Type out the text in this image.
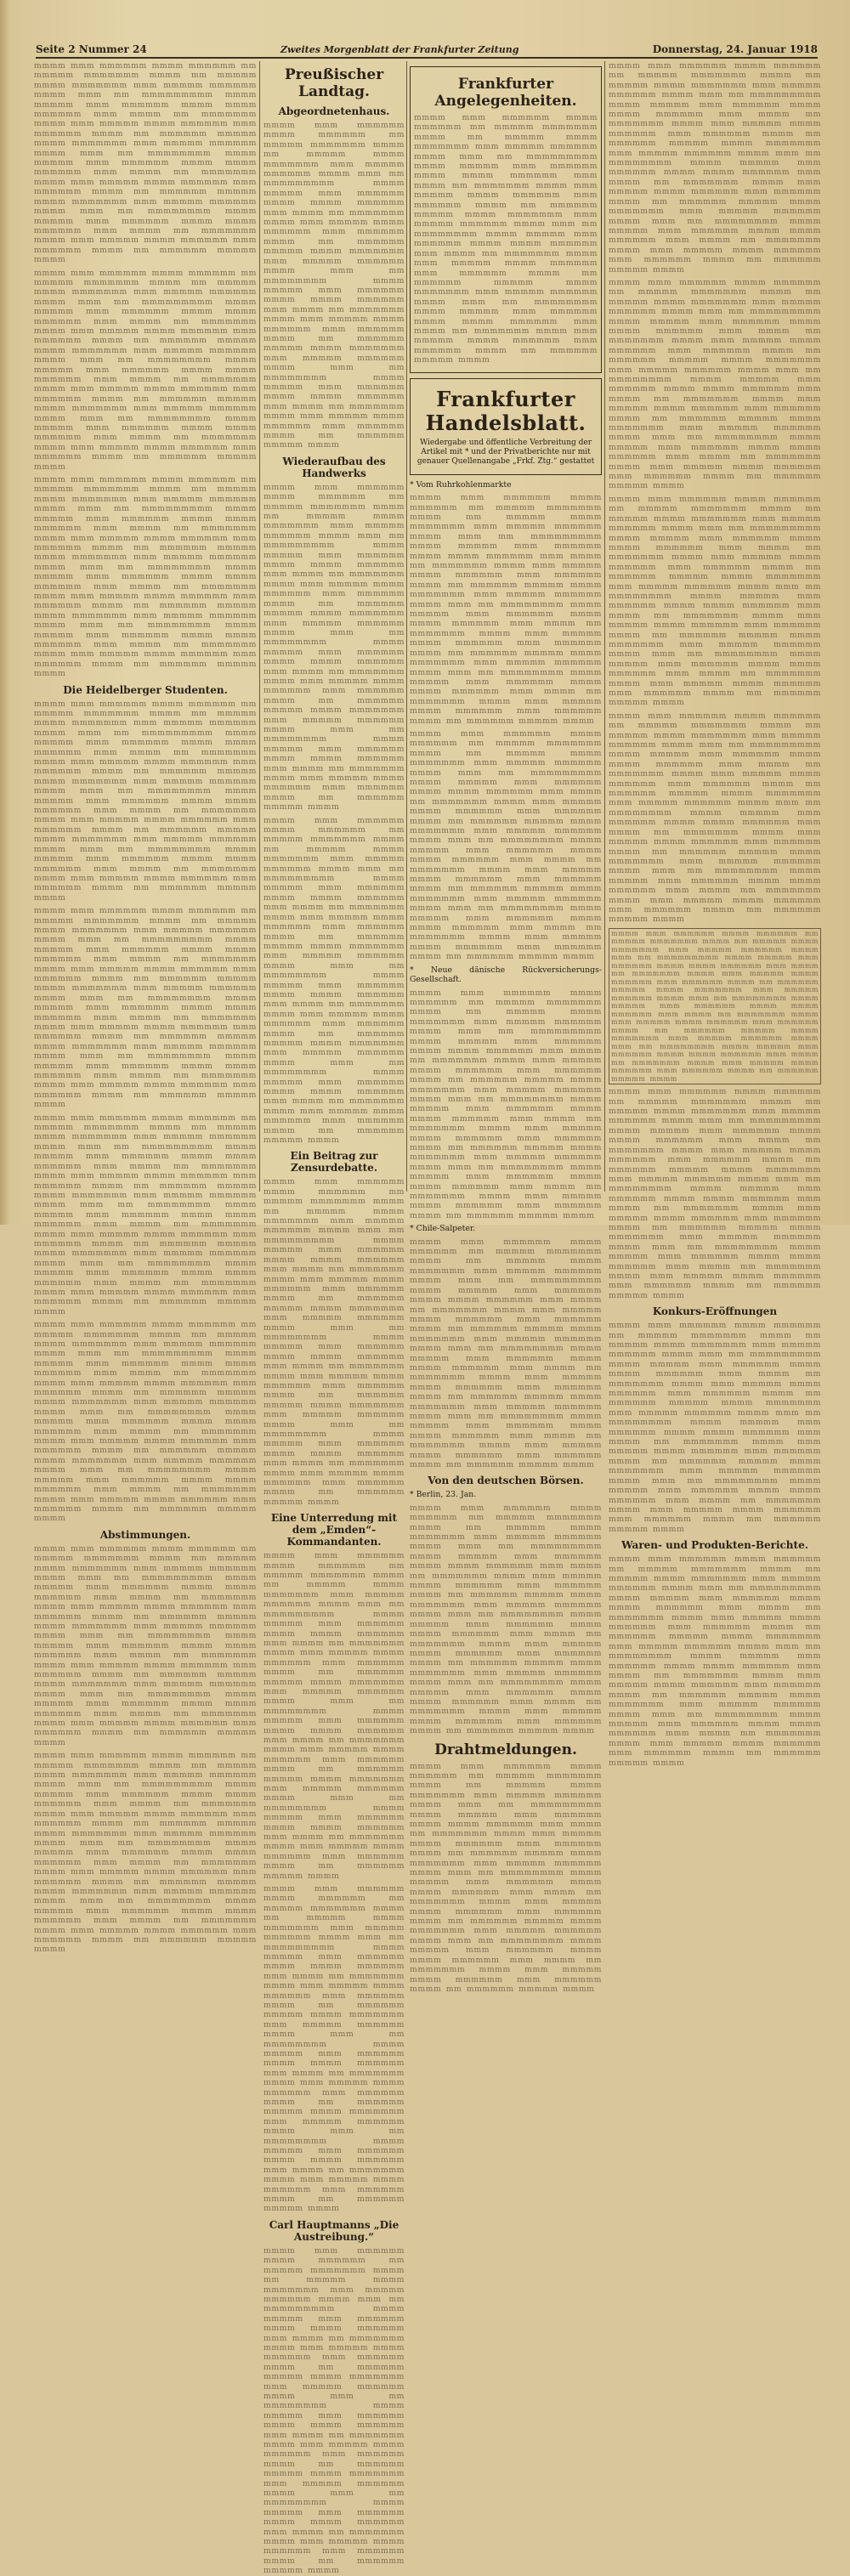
Seite 2 Nummer 24	Zweites Morgenblatt der Frankfurter Zeitung	Donnerstag, 24. Januar 1918
mmmm mmm mmmmmm mmmm mmmmmm mm mmmmm mmmmmmm mmmm mm mmmmm mmmm mmmmmmm mmm mmmmm mmmmmm mmmm mmm mm mmmmmmmmm mmmm mmmmm mmm mmmmmm mmmm mmmm mmmmmm mmm mmmm mm mmmmmmm mmmm mmm mmmmm mmmm mmmmmm mmm mmmmmm mmmm mm mmmmmm mmmmm mmmm mmmmmmm mmm mmmmm mmmmmm mmmm mmm mm mmmmmmmm mmmm mmmmm mmm mmmmmm mmmm mmmm mmmmmm mmm mmmm mm mmmmmmm mmmm mmm mmmmm mmmm mmmmmm mmm mmmmmm mmmm mm mmmmmm mmmmm mmmm mmmmmmm mmm mmmmm mmmmmm mmmm mmm mm mmmmmmmm mmmm mmmmm mmm mmmmmm mmmm mmmm mmmmmm mmm mmmm mm mmmmmmm mmmm mmm mmmmm mmmm mmmmmm mmm mmmmmm mmmm mm mmmmmm mmmmm mmmm
mmmm mmm mmmmmm mmmm mmmmmm mm mmmmm mmmmmmm mmmm mm mmmmm mmmm mmmmmmm mmm mmmmm mmmmmm mmmm mmm mm mmmmmmmmm mmmm mmmmm mmm mmmmmm mmmm mmmm mmmmmm mmm mmmm mm mmmmmmm mmmm mmm mmmmm mmmm mmmmmm mmm mmmmmm mmmm mm mmmmmm mmmmm mmmm mmmmmmm mmm mmmmm mmmmmm mmmm mmm mm mmmmmmmm mmmm mmmmm mmm mmmmmm mmmm mmmm mmmmmm mmm mmmm mm mmmmmmm mmmm mmm mmmmm mmmm mmmmmm mmm mmmmmm mmmm mm mmmmmm mmmmm mmmm mmmmmmm mmm mmmmm mmmmmm mmmm mmm mm mmmmmmmm mmmm mmmmm mmm mmmmmm mmmm mmmm mmmmmm mmm mmmm mm mmmmmmm mmmm mmm mmmmm mmmm mmmmmm mmm mmmmmm mmmm mm mmmmmm mmmmm mmmm
mmmm mmm mmmmmm mmmm mmmmmm mm mmmmm mmmmmmm mmmm mm mmmmm mmmm mmmmmmm mmm mmmmm mmmmmm mmmm mmm mm mmmmmmmmm mmmm mmmmm mmm mmmmmm mmmm mmmm mmmmmm mmm mmmm mm mmmmmmm mmmm mmm mmmmm mmmm mmmmmm mmm mmmmmm mmmm mm mmmmmm mmmmm mmmm mmmmmmm mmm mmmmm mmmmmm mmmm mmm mm mmmmmmmm mmmm mmmmm mmm mmmmmm mmmm mmmm mmmmmm mmm mmmm mm mmmmmmm mmmm mmm mmmmm mmmm mmmmmm mmm mmmmmm mmmm mm mmmmmm mmmmm mmmm mmmmmmm mmm mmmmm mmmmmm mmmm mmm mm mmmmmmmm mmmm mmmmm mmm mmmmmm mmmm mmmm mmmmmm mmm mmmm mm mmmmmmm mmmm mmm mmmmm mmmm mmmmmm mmm mmmmmm mmmm mm mmmmmm mmmmm mmmm
Die Heidelberger Studenten.
mmmm mmm mmmmmm mmmm mmmmmm mm mmmmm mmmmmmm mmmm mm mmmmm mmmm mmmmmmm mmm mmmmm mmmmmm mmmm mmm mm mmmmmmmmm mmmm mmmmm mmm mmmmmm mmmm mmmm mmmmmm mmm mmmm mm mmmmmmm mmmm mmm mmmmm mmmm mmmmmm mmm mmmmmm mmmm mm mmmmmm mmmmm mmmm mmmmmmm mmm mmmmm mmmmmm mmmm mmm mm mmmmmmmm mmmm mmmmm mmm mmmmmm mmmm mmmm mmmmmm mmm mmmm mm mmmmmmm mmmm mmm mmmmm mmmm mmmmmm mmm mmmmmm mmmm mm mmmmmm mmmmm mmmm mmmmmmm mmm mmmmm mmmmmm mmmm mmm mm mmmmmmmm mmmm mmmmm mmm mmmmmm mmmm mmmm mmmmmm mmm mmmm mm mmmmmmm mmmm mmm mmmmm mmmm mmmmmm mmm mmmmmm mmmm mm mmmmmm mmmmm mmmm
mmmm mmm mmmmmm mmmm mmmmmm mm mmmmm mmmmmmm mmmm mm mmmmm mmmm mmmmmmm mmm mmmmm mmmmmm mmmm mmm mm mmmmmmmmm mmmm mmmmm mmm mmmmmm mmmm mmmm mmmmmm mmm mmmm mm mmmmmmm mmmm mmm mmmmm mmmm mmmmmm mmm mmmmmm mmmm mm mmmmmm mmmmm mmmm mmmmmmm mmm mmmmm mmmmmm mmmm mmm mm mmmmmmmm mmmm mmmmm mmm mmmmmm mmmm mmmm mmmmmm mmm mmmm mm mmmmmmm mmmm mmm mmmmm mmmm mmmmmm mmm mmmmmm mmmm mm mmmmmm mmmmm mmmm mmmmmmm mmm mmmmm mmmmmm mmmm mmm mm mmmmmmmm mmmm mmmmm mmm mmmmmm mmmm mmmm mmmmmm mmm mmmm mm mmmmmmm mmmm mmm mmmmm mmmm mmmmmm mmm mmmmmm mmmm mm mmmmmm mmmmm mmmm
mmmm mmm mmmmmm mmmm mmmmmm mm mmmmm mmmmmmm mmmm mm mmmmm mmmm mmmmmmm mmm mmmmm mmmmmm mmmm mmm mm mmmmmmmmm mmmm mmmmm mmm mmmmmm mmmm mmmm mmmmmm mmm mmmm mm mmmmmmm mmmm mmm mmmmm mmmm mmmmmm mmm mmmmmm mmmm mm mmmmmm mmmmm mmmm mmmmmmm mmm mmmmm mmmmmm mmmm mmm mm mmmmmmmm mmmm mmmmm mmm mmmmmm mmmm mmmm mmmmmm mmm mmmm mm mmmmmmm mmmm mmm mmmmm mmmm mmmmmm mmm mmmmmm mmmm mm mmmmmm mmmmm mmmm mmmmmmm mmm mmmmm mmmmmm mmmm mmm mm mmmmmmmm mmmm mmmmm mmm mmmmmm mmmm mmmm mmmmmm mmm mmmm mm mmmmmmm mmmm mmm mmmmm mmmm mmmmmm mmm mmmmmm mmmm mm mmmmmm mmmmm mmmm
mmmm mmm mmmmmm mmmm mmmmmm mm mmmmm mmmmmmm mmmm mm mmmmm mmmm mmmmmmm mmm mmmmm mmmmmm mmmm mmm mm mmmmmmmmm mmmm mmmmm mmm mmmmmm mmmm mmmm mmmmmm mmm mmmm mm mmmmmmm mmmm mmm mmmmm mmmm mmmmmm mmm mmmmmm mmmm mm mmmmmm mmmmm mmmm mmmmmmm mmm mmmmm mmmmmm mmmm mmm mm mmmmmmmm mmmm mmmmm mmm mmmmmm mmmm mmmm mmmmmm mmm mmmm mm mmmmmmm mmmm mmm mmmmm mmmm mmmmmm mmm mmmmmm mmmm mm mmmmmm mmmmm mmmm mmmmmmm mmm mmmmm mmmmmm mmmm mmm mm mmmmmmmm mmmm mmmmm mmm mmmmmm mmmm mmmm mmmmmm mmm mmmm mm mmmmmmm mmmm mmm mmmmm mmmm mmmmmm mmm mmmmmm mmmm mm mmmmmm mmmmm mmmm
Abstimmungen.
mmmm mmm mmmmmm mmmm mmmmmm mm mmmmm mmmmmmm mmmm mm mmmmm mmmm mmmmmmm mmm mmmmm mmmmmm mmmm mmm mm mmmmmmmmm mmmm mmmmm mmm mmmmmm mmmm mmmm mmmmmm mmm mmmm mm mmmmmmm mmmm mmm mmmmm mmmm mmmmmm mmm mmmmmm mmmm mm mmmmmm mmmmm mmmm mmmmmmm mmm mmmmm mmmmmm mmmm mmm mm mmmmmmmm mmmm mmmmm mmm mmmmmm mmmm mmmm mmmmmm mmm mmmm mm mmmmmmm mmmm mmm mmmmm mmmm mmmmmm mmm mmmmmm mmmm mm mmmmmm mmmmm mmmm mmmmmmm mmm mmmmm mmmmmm mmmm mmm mm mmmmmmmm mmmm mmmmm mmm mmmmmm mmmm mmmm mmmmmm mmm mmmm mm mmmmmmm mmmm mmm mmmmm mmmm mmmmmm mmm mmmmmm mmmm mm mmmmmm mmmmm mmmm
mmmm mmm mmmmmm mmmm mmmmmm mm mmmmm mmmmmmm mmmm mm mmmmm mmmm mmmmmmm mmm mmmmm mmmmmm mmmm mmm mm mmmmmmmmm mmmm mmmmm mmm mmmmmm mmmm mmmm mmmmmm mmm mmmm mm mmmmmmm mmmm mmm mmmmm mmmm mmmmmm mmm mmmmmm mmmm mm mmmmmm mmmmm mmmm mmmmmmm mmm mmmmm mmmmmm mmmm mmm mm mmmmmmmm mmmm mmmmm mmm mmmmmm mmmm mmmm mmmmmm mmm mmmm mm mmmmmmm mmmm mmm mmmmm mmmm mmmmmm mmm mmmmmm mmmm mm mmmmmm mmmmm mmmm mmmmmmm mmm mmmmm mmmmmm mmmm mmm mm mmmmmmmm mmmm mmmmm mmm mmmmmm mmmm mmmm mmmmmm mmm mmmm mm mmmmmmm mmmm mmm mmmmm mmmm mmmmmm mmm mmmmmm mmmm mm mmmmmm mmmmm mmmm
Preußischer Landtag.
Abgeordnetenhaus.
mmmm mmm mmmmmm mmmm mmmmmm mm mmmmm mmmmmmm mmmm mm mmmmm mmmm mmmmmmm mmm mmmmm mmmmmm mmmm mmm mm mmmmmmmmm mmmm mmmmm mmm mmmmmm mmmm mmmm mmmmmm mmm mmmm mm mmmmmmm mmmm mmm mmmmm mmmm mmmmmm mmm mmmmmm mmmm mm mmmmmm mmmmm mmmm mmmmmmm mmm mmmmm mmmmmm mmmm mmm mm mmmmmmmm mmmm mmmmm mmm mmmmmm mmmm mmmm mmmmmm mmm mmmm mm mmmmmmm mmmm mmm mmmmm mmmm mmmmmm mmm mmmmmm mmmm mm mmmmmm mmmmm mmmm mmmmmmm mmm mmmmm mmmmmm mmmm mmm mm mmmmmmmm mmmm mmmmm mmm mmmmmm mmmm mmmm mmmmmm mmm mmmm mm mmmmmmm mmmm mmm mmmmm mmmm mmmmmm mmm mmmmmm mmmm mm mmmmmm mmmmm mmmm
Wiederaufbau des Handwerks
mmmm mmm mmmmmm mmmm mmmmmm mm mmmmm mmmmmmm mmmm mm mmmmm mmmm mmmmmmm mmm mmmmm mmmmmm mmmm mmm mm mmmmmmmmm mmmm mmmmm mmm mmmmmm mmmm mmmm mmmmmm mmm mmmm mm mmmmmmm mmmm mmm mmmmm mmmm mmmmmm mmm mmmmmm mmmm mm mmmmmm mmmmm mmmm mmmmmmm mmm mmmmm mmmmmm mmmm mmm mm mmmmmmmm mmmm mmmmm mmm mmmmmm mmmm mmmm mmmmmm mmm mmmm mm mmmmmmm mmmm mmm mmmmm mmmm mmmmmm mmm mmmmmm mmmm mm mmmmmm mmmmm mmmm mmmmmmm mmm mmmmm mmmmmm mmmm mmm mm mmmmmmmm mmmm mmmmm mmm mmmmmm mmmm mmmm mmmmmm mmm mmmm mm mmmmmmm mmmm mmm mmmmm mmmm mmmmmm mmm mmmmmm mmmm mm mmmmmm mmmmm mmmm
mmmm mmm mmmmmm mmmm mmmmmm mm mmmmm mmmmmmm mmmm mm mmmmm mmmm mmmmmmm mmm mmmmm mmmmmm mmmm mmm mm mmmmmmmmm mmmm mmmmm mmm mmmmmm mmmm mmmm mmmmmm mmm mmmm mm mmmmmmm mmmm mmm mmmmm mmmm mmmmmm mmm mmmmmm mmmm mm mmmmmm mmmmm mmmm mmmmmmm mmm mmmmm mmmmmm mmmm mmm mm mmmmmmmm mmmm mmmmm mmm mmmmmm mmmm mmmm mmmmmm mmm mmmm mm mmmmmmm mmmm mmm mmmmm mmmm mmmmmm mmm mmmmmm mmmm mm mmmmmm mmmmm mmmm mmmmmmm mmm mmmmm mmmmmm mmmm mmm mm mmmmmmmm mmmm mmmmm mmm mmmmmm mmmm mmmm mmmmmm mmm mmmm mm mmmmmmm mmmm mmm mmmmm mmmm mmmmmm mmm mmmmmm mmmm mm mmmmmm mmmmm mmmm
Ein Beitrag zur Zensurdebatte.
mmmm mmm mmmmmm mmmm mmmmmm mm mmmmm mmmmmmm mmmm mm mmmmm mmmm mmmmmmm mmm mmmmm mmmmmm mmmm mmm mm mmmmmmmmm mmmm mmmmm mmm mmmmmm mmmm mmmm mmmmmm mmm mmmm mm mmmmmmm mmmm mmm mmmmm mmmm mmmmmm mmm mmmmmm mmmm mm mmmmmm mmmmm mmmm mmmmmmm mmm mmmmm mmmmmm mmmm mmm mm mmmmmmmm mmmm mmmmm mmm mmmmmm mmmm mmmm mmmmmm mmm mmmm mm mmmmmmm mmmm mmm mmmmm mmmm mmmmmm mmm mmmmmm mmmm mm mmmmmm mmmmm mmmm mmmmmmm mmm mmmmm mmmmmm mmmm mmm mm mmmmmmmm mmmm mmmmm mmm mmmmmm mmmm mmmm mmmmmm mmm mmmm mm mmmmmmm mmmm mmm mmmmm mmmm mmmmmm mmm mmmmmm mmmm mm mmmmmm mmmmm mmmm
Eine Unterredung mit dem „Emden“-Kommandanten.
mmmm mmm mmmmmm mmmm mmmmmm mm mmmmm mmmmmmm mmmm mm mmmmm mmmm mmmmmmm mmm mmmmm mmmmmm mmmm mmm mm mmmmmmmmm mmmm mmmmm mmm mmmmmm mmmm mmmm mmmmmm mmm mmmm mm mmmmmmm mmmm mmm mmmmm mmmm mmmmmm mmm mmmmmm mmmm mm mmmmmm mmmmm mmmm mmmmmmm mmm mmmmm mmmmmm mmmm mmm mm mmmmmmmm mmmm mmmmm mmm mmmmmm mmmm mmmm mmmmmm mmm mmmm mm mmmmmmm mmmm mmm mmmmm mmmm mmmmmm mmm mmmmmm mmmm mm mmmmmm mmmmm mmmm mmmmmmm mmm mmmmm mmmmmm mmmm mmm mm mmmmmmmm mmmm mmmmm mmm mmmmmm mmmm mmmm mmmmmm mmm mmmm mm mmmmmmm mmmm mmm mmmmm mmmm mmmmmm mmm mmmmmm mmmm mm mmmmmm mmmmm mmmm
mmmm mmm mmmmmm mmmm mmmmmm mm mmmmm mmmmmmm mmmm mm mmmmm mmmm mmmmmmm mmm mmmmm mmmmmm mmmm mmm mm mmmmmmmmm mmmm mmmmm mmm mmmmmm mmmm mmmm mmmmmm mmm mmmm mm mmmmmmm mmmm mmm mmmmm mmmm mmmmmm mmm mmmmmm mmmm mm mmmmmm mmmmm mmmm mmmmmmm mmm mmmmm mmmmmm mmmm mmm mm mmmmmmmm mmmm mmmmm mmm mmmmmm mmmm mmmm mmmmmm mmm mmmm mm mmmmmmm mmmm mmm mmmmm mmmm mmmmmm mmm mmmmmm mmmm mm mmmmmm mmmmm mmmm mmmmmmm mmm mmmmm mmmmmm mmmm mmm mm mmmmmmmm mmmm mmmmm mmm mmmmmm mmmm mmmm mmmmmm mmm mmmm mm mmmmmmm mmmm mmm mmmmm mmmm mmmmmm mmm mmmmmm mmmm mm mmmmmm mmmmm mmmm
Carl Hauptmanns „Die Austreibung.“
mmmm mmm mmmmmm mmmm mmmmmm mm mmmmm mmmmmmm mmmm mm mmmmm mmmm mmmmmmm mmm mmmmm mmmmmm mmmm mmm mm mmmmmmmmm mmmm mmmmm mmm mmmmmm mmmm mmmm mmmmmm mmm mmmm mm mmmmmmm mmmm mmm mmmmm mmmm mmmmmm mmm mmmmmm mmmm mm mmmmmm mmmmm mmmm mmmmmmm mmm mmmmm mmmmmm mmmm mmm mm mmmmmmmm mmmm mmmmm mmm mmmmmm mmmm mmmm mmmmmm mmm mmmm mm mmmmmmm mmmm mmm mmmmm mmmm mmmmmm mmm mmmmmm mmmm mm mmmmmm mmmmm mmmm mmmmmmm mmm mmmmm mmmmmm mmmm mmm mm mmmmmmmm mmmm mmmmm mmm mmmmmm mmmm mmmm mmmmmm mmm mmmm mm mmmmmmm mmmm mmm mmmmm mmmm mmmmmm mmm mmmmmm mmmm mm mmmmmm mmmmm mmmm
Frankfurter Angelegenheiten.
mmmm mmm mmmmmm mmmm mmmmmm mm mmmmm mmmmmmm mmmm mm mmmmm mmmm mmmmmmm mmm mmmmm mmmmmm mmmm mmm mm mmmmmmmmm mmmm mmmmm mmm mmmmmm mmmm mmmm mmmmmm mmm mmmm mm mmmmmmm mmmm mmm mmmmm mmmm mmmmmm mmm mmmmmm mmmm mm mmmmmm mmmmm mmmm mmmmmmm mmm mmmmm mmmmmm mmmm mmm mm mmmmmmmm mmmm mmmmm mmm mmmmmm mmmm mmmm mmmmmm mmm mmmm mm mmmmmmm mmmm mmm mmmmm mmmm mmmmmm mmm mmmmmm mmmm mm mmmmmm mmmmm mmmm mmmmmmm mmm mmmmm mmmmmm mmmm mmm mm mmmmmmmm mmmm mmmmm mmm mmmmmm mmmm mmmm mmmmmm mmm mmmm mm mmmmmmm mmmm mmm mmmmm mmmm mmmmmm mmm mmmmmm mmmm mm mmmmmm mmmmm mmmm
Frankfurter Handelsblatt.
Wiedergabe und öffentliche Verbreitung der Artikel mit * und der Privatberichte nur mit genauer Quellenangabe „Frkf. Ztg.“ gestattet
* Vom Ruhrkohlenmarkte
mmmm mmm mmmmmm mmmm mmmmmm mm mmmmm mmmmmmm mmmm mm mmmmm mmmm mmmmmmm mmm mmmmm mmmmmm mmmm mmm mm mmmmmmmmm mmmm mmmmm mmm mmmmmm mmmm mmmm mmmmmm mmm mmmm mm mmmmmmm mmmm mmm mmmmm mmmm mmmmmm mmm mmmmmm mmmm mm mmmmmm mmmmm mmmm mmmmmmm mmm mmmmm mmmmmm mmmm mmm mm mmmmmmmm mmmm mmmmm mmm mmmmmm mmmm mmmm mmmmmm mmm mmmm mm mmmmmmm mmmm mmm mmmmm mmmm mmmmmm mmm mmmmmm mmmm mm mmmmmm mmmmm mmmm mmmmmmm mmm mmmmm mmmmmm mmmm mmm mm mmmmmmmm mmmm mmmmm mmm mmmmmm mmmm mmmm mmmmmm mmm mmmm mm mmmmmmm mmmm mmm mmmmm mmmm mmmmmm mmm mmmmmm mmmm mm mmmmmm mmmmm mmmm
mmmm mmm mmmmmm mmmm mmmmmm mm mmmmm mmmmmmm mmmm mm mmmmm mmmm mmmmmmm mmm mmmmm mmmmmm mmmm mmm mm mmmmmmmmm mmmm mmmmm mmm mmmmmm mmmm mmmm mmmmmm mmm mmmm mm mmmmmmm mmmm mmm mmmmm mmmm mmmmmm mmm mmmmmm mmmm mm mmmmmm mmmmm mmmm mmmmmmm mmm mmmmm mmmmmm mmmm mmm mm mmmmmmmm mmmm mmmmm mmm mmmmmm mmmm mmmm mmmmmm mmm mmmm mm mmmmmmm mmmm mmm mmmmm mmmm mmmmmm mmm mmmmmm mmmm mm mmmmmm mmmmm mmmm mmmmmmm mmm mmmmm mmmmmm mmmm mmm mm mmmmmmmm mmmm mmmmm mmm mmmmmm mmmm mmmm mmmmmm mmm mmmm mm mmmmmmm mmmm mmm mmmmm mmmm mmmmmm mmm mmmmmm mmmm mm mmmmmm mmmmm mmmm
* Neue dänische Rückversicherungs-Gesellschaft.
mmmm mmm mmmmmm mmmm mmmmmm mm mmmmm mmmmmmm mmmm mm mmmmm mmmm mmmmmmm mmm mmmmm mmmmmm mmmm mmm mm mmmmmmmmm mmmm mmmmm mmm mmmmmm mmmm mmmm mmmmmm mmm mmmm mm mmmmmmm mmmm mmm mmmmm mmmm mmmmmm mmm mmmmmm mmmm mm mmmmmm mmmmm mmmm mmmmmmm mmm mmmmm mmmmmm mmmm mmm mm mmmmmmmm mmmm mmmmm mmm mmmmmm mmmm mmmm mmmmmm mmm mmmm mm mmmmmmm mmmm mmm mmmmm mmmm mmmmmm mmm mmmmmm mmmm mm mmmmmm mmmmm mmmm mmmmmmm mmm mmmmm mmmmmm mmmm mmm mm mmmmmmmm mmmm mmmmm mmm mmmmmm mmmm mmmm mmmmmm mmm mmmm mm mmmmmmm mmmm mmm mmmmm mmmm mmmmmm mmm mmmmmm mmmm mm mmmmmm mmmmm mmmm
* Chile-Salpeter.
mmmm mmm mmmmmm mmmm mmmmmm mm mmmmm mmmmmmm mmmm mm mmmmm mmmm mmmmmmm mmm mmmmm mmmmmm mmmm mmm mm mmmmmmmmm mmmm mmmmm mmm mmmmmm mmmm mmmm mmmmmm mmm mmmm mm mmmmmmm mmmm mmm mmmmm mmmm mmmmmm mmm mmmmmm mmmm mm mmmmmm mmmmm mmmm mmmmmmm mmm mmmmm mmmmmm mmmm mmm mm mmmmmmmm mmmm mmmmm mmm mmmmmm mmmm mmmm mmmmmm mmm mmmm mm mmmmmmm mmmm mmm mmmmm mmmm mmmmmm mmm mmmmmm mmmm mm mmmmmm mmmmm mmmm mmmmmmm mmm mmmmm mmmmmm mmmm mmm mm mmmmmmmm mmmm mmmmm mmm mmmmmm mmmm mmmm mmmmmm mmm mmmm mm mmmmmmm mmmm mmm mmmmm mmmm mmmmmm mmm mmmmmm mmmm mm mmmmmm mmmmm mmmm
Von den deutschen Börsen.
* Berlin, 23. Jan.
mmmm mmm mmmmmm mmmm mmmmmm mm mmmmm mmmmmmm mmmm mm mmmmm mmmm mmmmmmm mmm mmmmm mmmmmm mmmm mmm mm mmmmmmmmm mmmm mmmmm mmm mmmmmm mmmm mmmm mmmmmm mmm mmmm mm mmmmmmm mmmm mmm mmmmm mmmm mmmmmm mmm mmmmmm mmmm mm mmmmmm mmmmm mmmm mmmmmmm mmm mmmmm mmmmmm mmmm mmm mm mmmmmmmm mmmm mmmmm mmm mmmmmm mmmm mmmm mmmmmm mmm mmmm mm mmmmmmm mmmm mmm mmmmm mmmm mmmmmm mmm mmmmmm mmmm mm mmmmmm mmmmm mmmm mmmmmmm mmm mmmmm mmmmmm mmmm mmm mm mmmmmmmm mmmm mmmmm mmm mmmmmm mmmm mmmm mmmmmm mmm mmmm mm mmmmmmm mmmm mmm mmmmm mmmm mmmmmm mmm mmmmmm mmmm mm mmmmmm mmmmm mmmm
Drahtmeldungen.
mmmm mmm mmmmmm mmmm mmmmmm mm mmmmm mmmmmmm mmmm mm mmmmm mmmm mmmmmmm mmm mmmmm mmmmmm mmmm mmm mm mmmmmmmmm mmmm mmmmm mmm mmmmmm mmmm mmmm mmmmmm mmm mmmm mm mmmmmmm mmmm mmm mmmmm mmmm mmmmmm mmm mmmmmm mmmm mm mmmmmm mmmmm mmmm mmmmmmm mmm mmmmm mmmmmm mmmm mmm mm mmmmmmmm mmmm mmmmm mmm mmmmmm mmmm mmmm mmmmmm mmm mmmm mm mmmmmmm mmmm mmm mmmmm mmmm mmmmmm mmm mmmmmm mmmm mm mmmmmm mmmmm mmmm mmmmmmm mmm mmmmm mmmmmm mmmm mmm mm mmmmmmmm mmmm mmmmm mmm mmmmmm mmmm mmmm mmmmmm mmm mmmm mm mmmmmmm mmmm mmm mmmmm mmmm mmmmmm mmm mmmmmm mmmm mm mmmmmm mmmmm mmmm
mmmm mmm mmmmmm mmmm mmmmmm mm mmmmm mmmmmmm mmmm mm mmmmm mmmm mmmmmmm mmm mmmmm mmmmmm mmmm mmm mm mmmmmmmmm mmmm mmmmm mmm mmmmmm mmmm mmmm mmmmmm mmm mmmm mm mmmmmmm mmmm mmm mmmmm mmmm mmmmmm mmm mmmmmm mmmm mm mmmmmm mmmmm mmmm mmmmmmm mmm mmmmm mmmmmm mmmm mmm mm mmmmmmmm mmmm mmmmm mmm mmmmmm mmmm mmmm mmmmmm mmm mmmm mm mmmmmmm mmmm mmm mmmmm mmmm mmmmmm mmm mmmmmm mmmm mm mmmmmm mmmmm mmmm mmmmmmm mmm mmmmm mmmmmm mmmm mmm mm mmmmmmmm mmmm mmmmm mmm mmmmmm mmmm mmmm mmmmmm mmm mmmm mm mmmmmmm mmmm mmm mmmmm mmmm mmmmmm mmm mmmmmm mmmm mm mmmmmm mmmmm mmmm
mmmm mmm mmmmmm mmmm mmmmmm mm mmmmm mmmmmmm mmmm mm mmmmm mmmm mmmmmmm mmm mmmmm mmmmmm mmmm mmm mm mmmmmmmmm mmmm mmmmm mmm mmmmmm mmmm mmmm mmmmmm mmm mmmm mm mmmmmmm mmmm mmm mmmmm mmmm mmmmmm mmm mmmmmm mmmm mm mmmmmm mmmmm mmmm mmmmmmm mmm mmmmm mmmmmm mmmm mmm mm mmmmmmmm mmmm mmmmm mmm mmmmmm mmmm mmmm mmmmmm mmm mmmm mm mmmmmmm mmmm mmm mmmmm mmmm mmmmmm mmm mmmmmm mmmm mm mmmmmm mmmmm mmmm mmmmmmm mmm mmmmm mmmmmm mmmm mmm mm mmmmmmmm mmmm mmmmm mmm mmmmmm mmmm mmmm mmmmmm mmm mmmm mm mmmmmmm mmmm mmm mmmmm mmmm mmmmmm mmm mmmmmm mmmm mm mmmmmm mmmmm mmmm
mmmm mmm mmmmmm mmmm mmmmmm mm mmmmm mmmmmmm mmmm mm mmmmm mmmm mmmmmmm mmm mmmmm mmmmmm mmmm mmm mm mmmmmmmmm mmmm mmmmm mmm mmmmmm mmmm mmmm mmmmmm mmm mmmm mm mmmmmmm mmmm mmm mmmmm mmmm mmmmmm mmm mmmmmm mmmm mm mmmmmm mmmmm mmmm mmmmmmm mmm mmmmm mmmmmm mmmm mmm mm mmmmmmmm mmmm mmmmm mmm mmmmmm mmmm mmmm mmmmmm mmm mmmm mm mmmmmmm mmmm mmm mmmmm mmmm mmmmmm mmm mmmmmm mmmm mm mmmmmm mmmmm mmmm mmmmmmm mmm mmmmm mmmmmm mmmm mmm mm mmmmmmmm mmmm mmmmm mmm mmmmmm mmmm mmmm mmmmmm mmm mmmm mm mmmmmmm mmmm mmm mmmmm mmmm mmmmmm mmm mmmmmm mmmm mm mmmmmm mmmmm mmmm
mmmm mmm mmmmmm mmmm mmmmmm mm mmmmm mmmmmmm mmmm mm mmmmm mmmm mmmmmmm mmm mmmmm mmmmmm mmmm mmm mm mmmmmmmmm mmmm mmmmm mmm mmmmmm mmmm mmmm mmmmmm mmm mmmm mm mmmmmmm mmmm mmm mmmmm mmmm mmmmmm mmm mmmmmm mmmm mm mmmmmm mmmmm mmmm mmmmmmm mmm mmmmm mmmmmm mmmm mmm mm mmmmmmmm mmmm mmmmm mmm mmmmmm mmmm mmmm mmmmmm mmm mmmm mm mmmmmmm mmmm mmm mmmmm mmmm mmmmmm mmm mmmmmm mmmm mm mmmmmm mmmmm mmmm mmmmmmm mmm mmmmm mmmmmm mmmm mmm mm mmmmmmmm mmmm mmmmm mmm mmmmmm mmmm mmmm mmmmmm mmm mmmm mm mmmmmmm mmmm mmm mmmmm mmmm mmmmmm mmm mmmmmm mmmm mm mmmmmm mmmmm mmmm
mmmm mmm mmmmmm mmmm mmmmmm mm mmmmm mmmmmmm mmmm mm mmmmm mmmm mmmmmmm mmm mmmmm mmmmmm mmmm mmm mm mmmmmmmmm mmmm mmmmm mmm mmmmmm mmmm mmmm mmmmmm mmm mmmm mm mmmmmmm mmmm mmm mmmmm mmmm mmmmmm mmm mmmmmm mmmm mm mmmmmm mmmmm mmmm mmmmmmm mmm mmmmm mmmmmm mmmm mmm mm mmmmmmmm mmmm mmmmm mmm mmmmmm mmmm mmmm mmmmmm mmm mmmm mm mmmmmmm mmmm mmm mmmmm mmmm mmmmmm mmm mmmmmm mmmm mm mmmmmm mmmmm mmmm mmmmmmm mmm mmmmm mmmmmm mmmm mmm mm mmmmmmmm mmmm mmmmm mmm mmmmmm mmmm mmmm mmmmmm mmm mmmm mm mmmmmmm mmmm mmm mmmmm mmmm mmmmmm mmm mmmmmm mmmm mm mmmmmm mmmmm mmmm
mmmm mmm mmmmmm mmmm mmmmmm mm mmmmm mmmmmmm mmmm mm mmmmm mmmm mmmmmmm mmm mmmmm mmmmmm mmmm mmm mm mmmmmmmmm mmmm mmmmm mmm mmmmmm mmmm mmmm mmmmmm mmm mmmm mm mmmmmmm mmmm mmm mmmmm mmmm mmmmmm mmm mmmmmm mmmm mm mmmmmm mmmmm mmmm mmmmmmm mmm mmmmm mmmmmm mmmm mmm mm mmmmmmmm mmmm mmmmm mmm mmmmmm mmmm mmmm mmmmmm mmm mmmm mm mmmmmmm mmmm mmm mmmmm mmmm mmmmmm mmm mmmmmm mmmm mm mmmmmm mmmmm mmmm mmmmmmm mmm mmmmm mmmmmm mmmm mmm mm mmmmmmmm mmmm mmmmm mmm mmmmmm mmmm mmmm mmmmmm mmm mmmm mm mmmmmmm mmmm mmm mmmmm mmmm mmmmmm mmm mmmmmm mmmm mm mmmmmm mmmmm mmmm
Konkurs-Eröffnungen
mmmm mmm mmmmmm mmmm mmmmmm mm mmmmm mmmmmmm mmmm mm mmmmm mmmm mmmmmmm mmm mmmmm mmmmmm mmmm mmm mm mmmmmmmmm mmmm mmmmm mmm mmmmmm mmmm mmmm mmmmmm mmm mmmm mm mmmmmmm mmmm mmm mmmmm mmmm mmmmmm mmm mmmmmm mmmm mm mmmmmm mmmmm mmmm mmmmmmm mmm mmmmm mmmmmm mmmm mmm mm mmmmmmmm mmmm mmmmm mmm mmmmmm mmmm mmmm mmmmmm mmm mmmm mm mmmmmmm mmmm mmm mmmmm mmmm mmmmmm mmm mmmmmm mmmm mm mmmmmm mmmmm mmmm mmmmmmm mmm mmmmm mmmmmm mmmm mmm mm mmmmmmmm mmmm mmmmm mmm mmmmmm mmmm mmmm mmmmmm mmm mmmm mm mmmmmmm mmmm mmm mmmmm mmmm mmmmmm mmm mmmmmm mmmm mm mmmmmm mmmmm mmmm
Waren- und Produkten-Berichte.
mmmm mmm mmmmmm mmmm mmmmmm mm mmmmm mmmmmmm mmmm mm mmmmm mmmm mmmmmmm mmm mmmmm mmmmmm mmmm mmm mm mmmmmmmmm mmmm mmmmm mmm mmmmmm mmmm mmmm mmmmmm mmm mmmm mm mmmmmmm mmmm mmm mmmmm mmmm mmmmmm mmm mmmmmm mmmm mm mmmmmm mmmmm mmmm mmmmmmm mmm mmmmm mmmmmm mmmm mmm mm mmmmmmmm mmmm mmmmm mmm mmmmmm mmmm mmmm mmmmmm mmm mmmm mm mmmmmmm mmmm mmm mmmmm mmmm mmmmmm mmm mmmmmm mmmm mm mmmmmm mmmmm mmmm mmmmmmm mmm mmmmm mmmmmm mmmm mmm mm mmmmmmmm mmmm mmmmm mmm mmmmmm mmmm mmmm mmmmmm mmm mmmm mm mmmmmmm mmmm mmm mmmmm mmmm mmmmmm mmm mmmmmm mmmm mm mmmmmm mmmmm mmmm
